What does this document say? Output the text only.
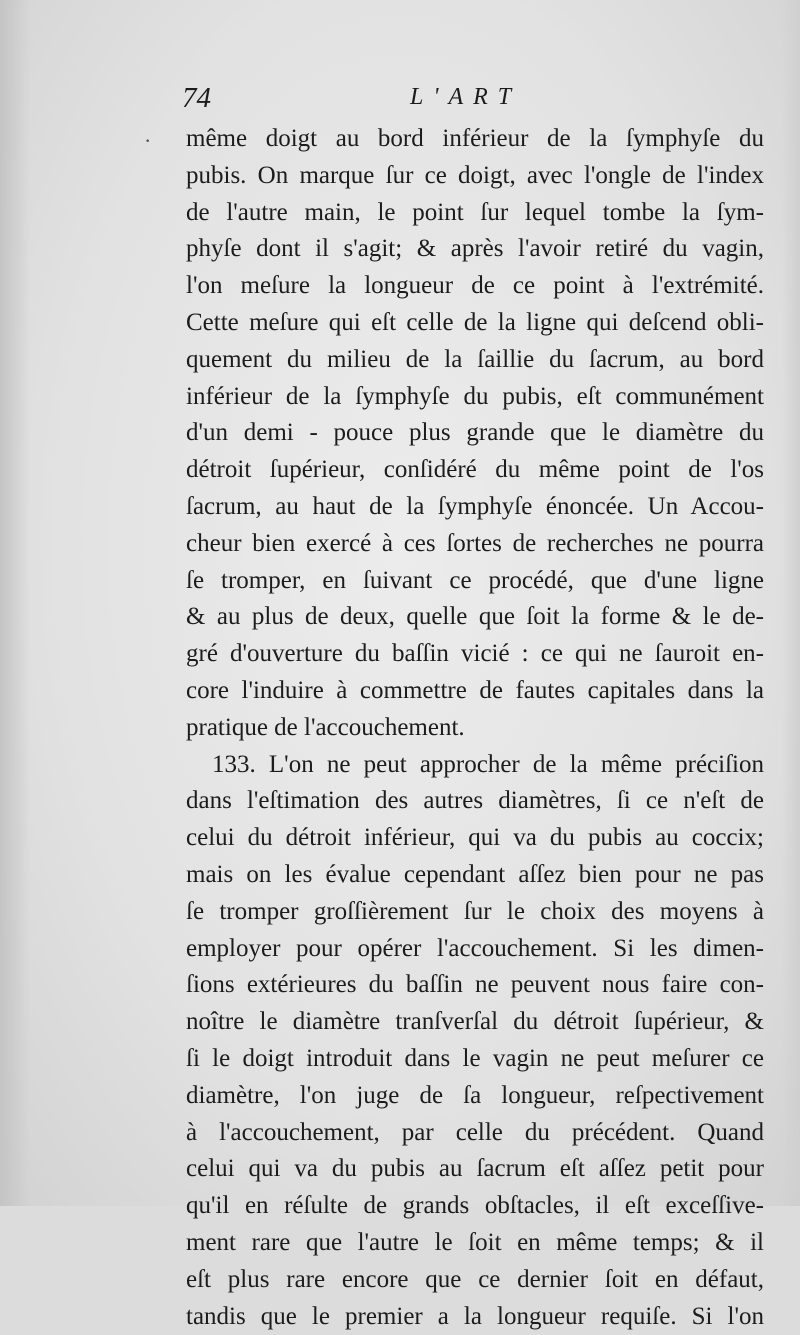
·
74	L'ART
même doigt au bord inférieur de la ſymphyſe du
pubis. On marque ſur ce doigt, avec l'ongle de l'index
de l'autre main, le point ſur lequel tombe la ſym-
phyſe dont il s'agit; & après l'avoir retiré du vagin,
l'on meſure la longueur de ce point à l'extrémité.
Cette meſure qui eſt celle de la ligne qui deſcend obli-
quement du milieu de la ſaillie du ſacrum, au bord
inférieur de la ſymphyſe du pubis, eſt communément
d'un demi - pouce plus grande que le diamètre du
détroit ſupérieur, conſidéré du même point de l'os
ſacrum, au haut de la ſymphyſe énoncée. Un Accou-
cheur bien exercé à ces ſortes de recherches ne pourra
ſe tromper, en ſuivant ce procédé, que d'une ligne
& au plus de deux, quelle que ſoit la forme & le de-
gré d'ouverture du baſſin vicié : ce qui ne ſauroit en-
core l'induire à commettre de fautes capitales dans la
pratique de l'accouchement.
133. L'on ne peut approcher de la même préciſion
dans l'eſtimation des autres diamètres, ſi ce n'eſt de
celui du détroit inférieur, qui va du pubis au coccix;
mais on les évalue cependant aſſez bien pour ne pas
ſe tromper groſſièrement ſur le choix des moyens à
employer pour opérer l'accouchement. Si les dimen-
ſions extérieures du baſſin ne peuvent nous faire con-
noître le diamètre tranſverſal du détroit ſupérieur, &
ſi le doigt introduit dans le vagin ne peut meſurer ce
diamètre, l'on juge de ſa longueur, reſpectivement
à l'accouchement, par celle du précédent. Quand
celui qui va du pubis au ſacrum eſt aſſez petit pour
qu'il en réſulte de grands obſtacles, il eſt exceſſive-
ment rare que l'autre le ſoit en même temps; & il
eſt plus rare encore que ce dernier ſoit en défaut,
tandis que le premier a la longueur requiſe. Si l'on
